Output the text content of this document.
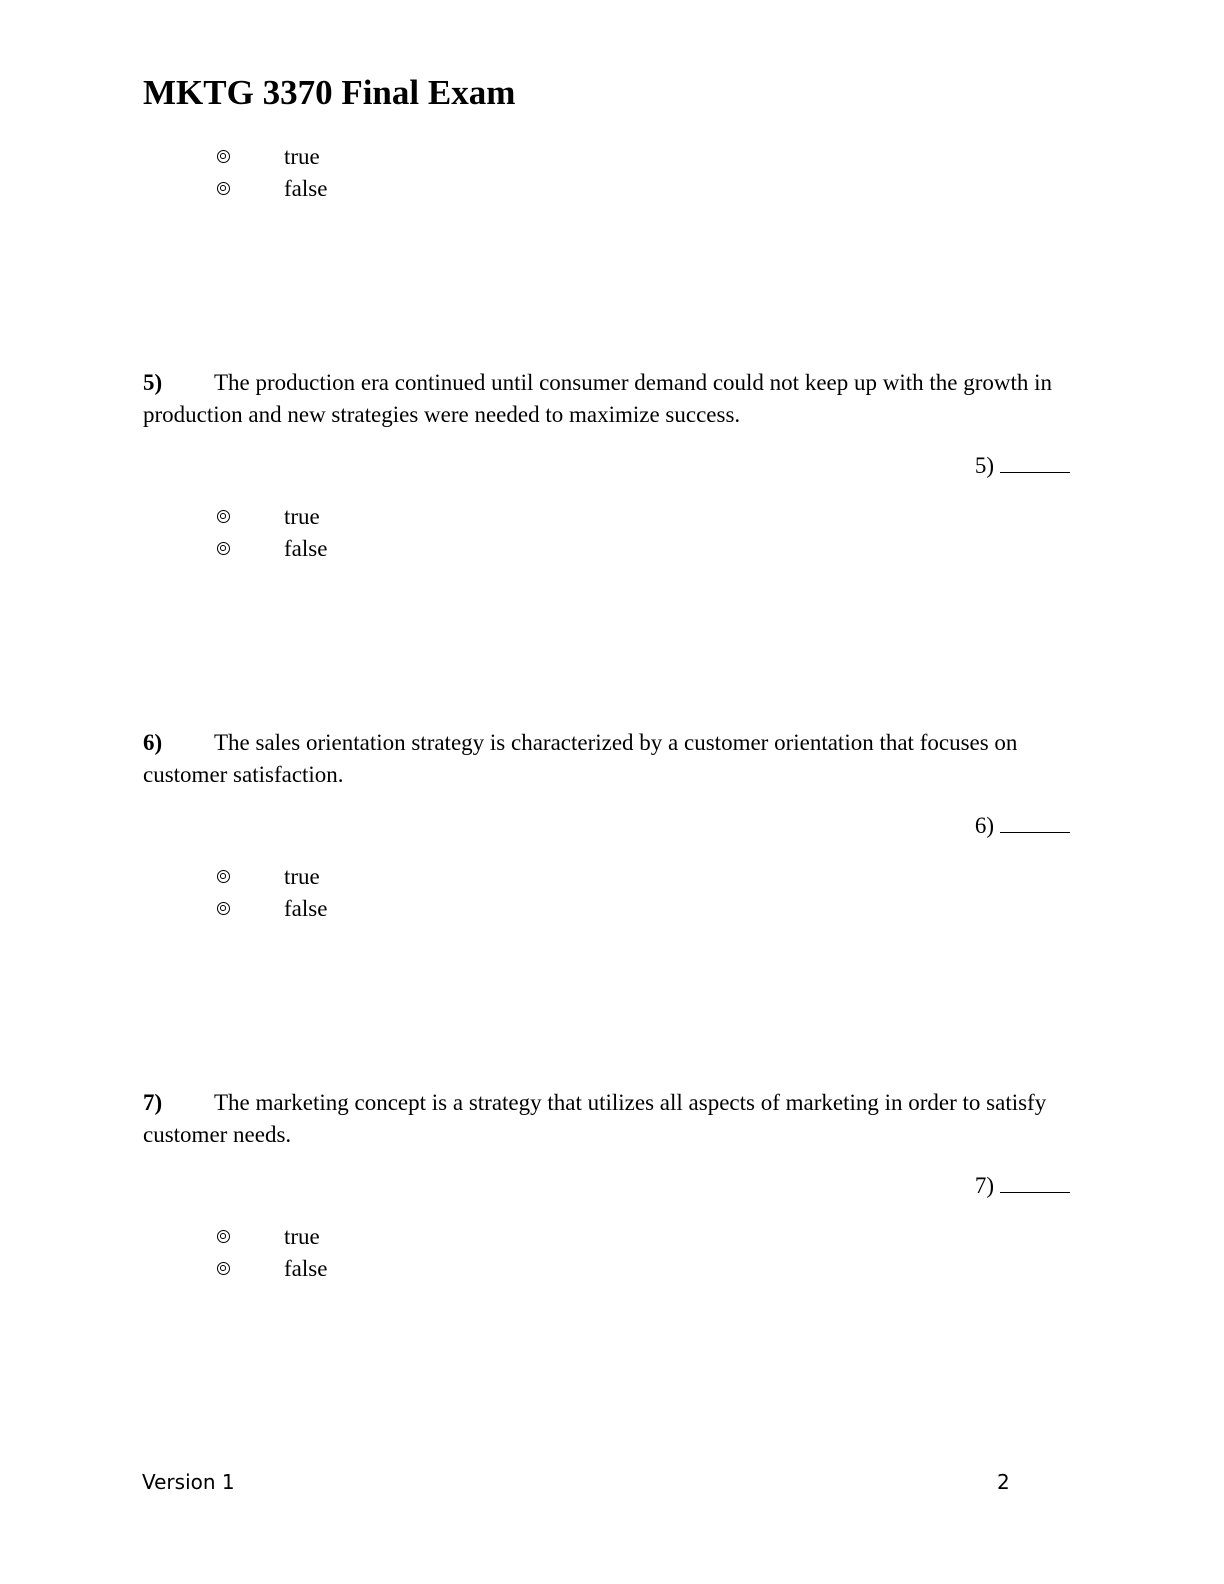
MKTG 3370 Final Exam
true
false

5) The production era continued until consumer demand could not keep up with the growth in production and new strategies were needed to maximize success.

5)
true
false

6) The sales orientation strategy is characterized by a customer orientation that focuses on customer satisfaction.

6)
true
false

7) The marketing concept is a strategy that utilizes all aspects of marketing in order to satisfy customer needs.

7)
true
false
Version 1	2
